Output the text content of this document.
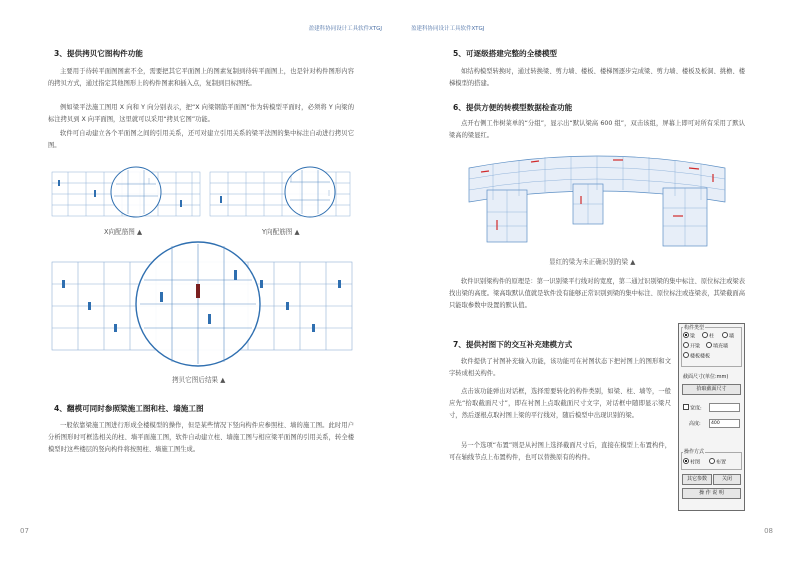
盈建科协同设计工具软件XTGJ
3、提供拷贝它图构件功能

主要用于待转平面图图素不全，需要把其它平面图上的图素复制到待转平面图上，也是针对构件图形内容的拷贝方式，通过指定其他图形上的构件图素和插入点，复制到目标图纸。

例如梁平法施工图用 X 向和 Y 向分别表示，把“X 向梁钢筋平面图”作为转模型平面时，必须将 Y 向梁的标注拷贝到 X 向平面图，这里就可以采用“拷贝它图”功能。

软件可自动建立各个平面图之间的引用关系，还可对建立引用关系的梁平法图的集中标注自动进行拷贝它图。

X向配筋图 ▲	Y向配筋图 ▲
拷贝它图后结果 ▲
4、翻模可同时参照梁施工图和柱、墙施工图

一般依靠梁施工图进行形成全楼模型的操作，但是某些情况下竖向构件应参照柱、墙的施工图。此时用户分析图形时可框选相关的柱、墙平面施工图，软件自动建立柱、墙施工图与相应梁平面图的引用关系，转全楼模型时这些楼层的竖向构件将按照柱、墙施工图生成。

07
盈建科协同设计工具软件XTGJ
5、可逐级搭建完整的全楼模型

如结构模型转换时，通过转换梁、剪力墙、楼板、楼梯图逐步完成梁、剪力墙、楼板及板洞、挑檐、楼梯模型的搭建。

6、提供方便的转模型数据检查功能

点开右侧工作树菜单的“分组”，显示出“默认梁高 600 组”，双击该组，屏幕上即可对所有采用了默认梁高的梁显红。

显红的梁为未正确识别的梁 ▲

软件识别梁构件的原理是：第一识别梁平行线对的宽度，第二通过识别梁的集中标注、原位标注或梁表找出梁的高度。梁高取默认值就是软件没有能够正常识别到梁的集中标注、原位标注或连梁表，其梁截面高只能取参数中设置的默认值。

7、提供衬图下的交互补充建模方式

软件提供了衬图补充输入功能，该功能可在衬图状态下把衬图上的图形和文字转成相关构件。

点击该功能弹出对话框，选择需要转化的构件类别，如梁、柱、墙等，一般应先“拾取截面尺寸”，即在衬图上点取截面尺寸文字，对话框中随即显示梁尺寸，然后逐根点取衬图上梁的平行线对，随后模型中出现识别的梁。

另一个选项“布置”则是从衬图上选择截面尺寸后，直接在模型上布置构件，可在轴线节点上布置构件，也可以替换原有的构件。

构件类型
梁	柱	墙
开梁	填充墙
楼板楼板
截面尺寸(单位:mm)
拾取截面尺寸
宽度:
高度:	400
操作方式
衬图	布置
其它参数	关闭
操 作 说 明
08
